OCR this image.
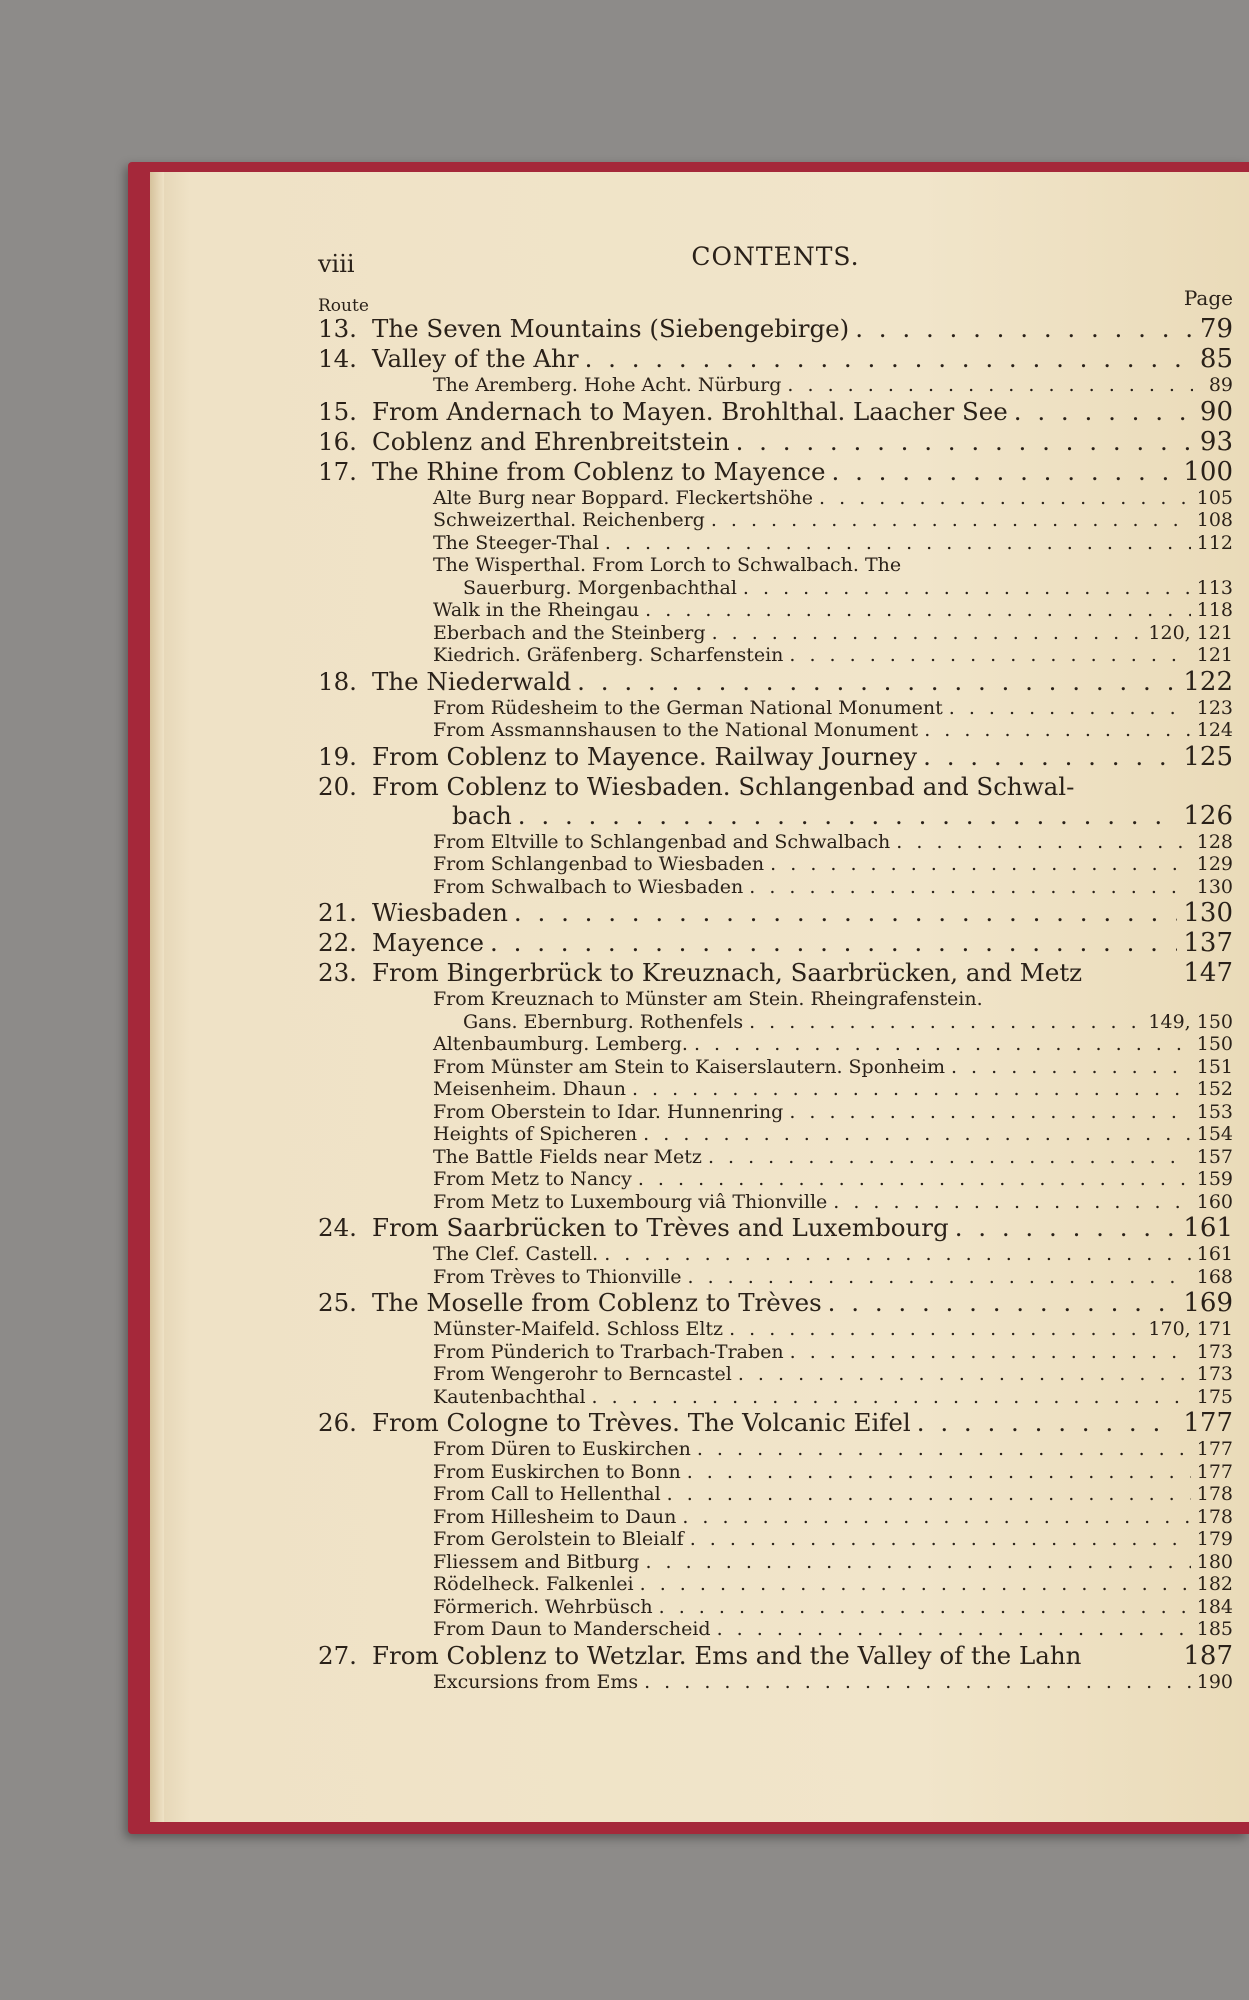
viii	CONTENTS.
Route	Page
13. The Seven Mountains (Siebengebirge) . . .	79
14. Valley of the Ahr . . .	85
The Aremberg. Hohe Acht. Nürburg . . .	89
15. From Andernach to Mayen. Brohlthal. Laacher See . . .	90
16. Coblenz and Ehrenbreitstein . . .	93
17. The Rhine from Coblenz to Mayence . . .	100
Alte Burg near Boppard. Fleckertshöhe . . .	105
Schweizerthal. Reichenberg . . .	108
The Steeger-Thal . . .	112
The Wisperthal. From Lorch to Schwalbach. The
Sauerburg. Morgenbachthal . . .	113
Walk in the Rheingau . . .	118
Eberbach and the Steinberg . . .	120, 121
Kiedrich. Gräfenberg. Scharfenstein . . .	121
18. The Niederwald . . .	122
From Rüdesheim to the German National Monument . . .	123
From Assmannshausen to the National Monument . . .	124
19. From Coblenz to Mayence. Railway Journey . . .	125
20. From Coblenz to Wiesbaden. Schlangenbad and Schwal-
bach . . .	126
From Eltville to Schlangenbad and Schwalbach . . .	128
From Schlangenbad to Wiesbaden . . .	129
From Schwalbach to Wiesbaden . . .	130
21. Wiesbaden . . .	130
22. Mayence . . .	137
23. From Bingerbrück to Kreuznach, Saarbrücken, and Metz	147
From Kreuznach to Münster am Stein. Rheingrafenstein.
Gans. Ebernburg. Rothenfels . . .	149, 150
Altenbaumburg. Lemberg. . . .	150
From Münster am Stein to Kaiserslautern. Sponheim . . .	151
Meisenheim. Dhaun . . .	152
From Oberstein to Idar. Hunnenring . . .	153
Heights of Spicheren . . .	154
The Battle Fields near Metz . . .	157
From Metz to Nancy . . .	159
From Metz to Luxembourg viâ Thionville . . .	160
24. From Saarbrücken to Trèves and Luxembourg . . .	161
The Clef. Castell. . . .	161
From Trèves to Thionville . . .	168
25. The Moselle from Coblenz to Trèves . . .	169
Münster-Maifeld. Schloss Eltz . . .	170, 171
From Pünderich to Trarbach-Traben . . .	173
From Wengerohr to Berncastel . . .	173
Kautenbachthal . . .	175
26. From Cologne to Trèves. The Volcanic Eifel . . .	177
From Düren to Euskirchen . . .	177
From Euskirchen to Bonn . . .	177
From Call to Hellenthal . . .	178
From Hillesheim to Daun . . .	178
From Gerolstein to Bleialf . . .	179
Fliessem and Bitburg . . .	180
Rödelheck. Falkenlei . . .	182
Förmerich. Wehrbüsch . . .	184
From Daun to Manderscheid . . .	185
27. From Coblenz to Wetzlar. Ems and the Valley of the Lahn	187
Excursions from Ems . . .	190
